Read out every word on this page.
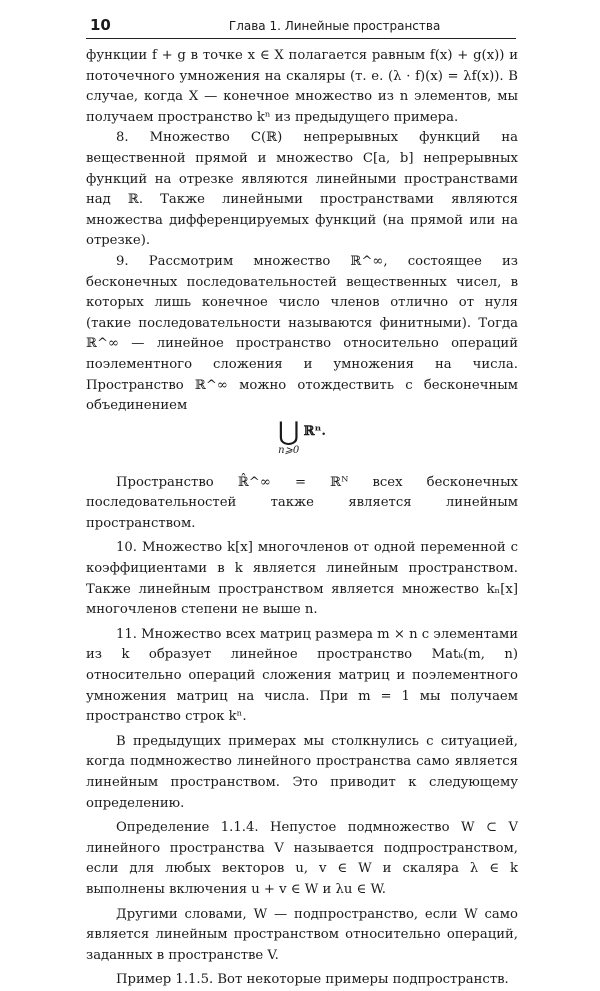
10	Глава 1. Линейные пространства

функции f + g в точке x ∈ X полагается равным f(x) + g(x)) и поточечного умножения на скаляры (т. е. (λ · f)(x) = λf(x)). В случае, когда X — конечное множество из n элементов, мы получаем пространство kⁿ из предыдущего примера.

8. Множество C(ℝ) непрерывных функций на вещественной прямой и множество C[a, b] непрерывных функций на отрезке являются линейными пространствами над ℝ. Также линейными пространствами являются множества дифференцируемых функций (на прямой или на отрезке).

9. Рассмотрим множество ℝ^∞, состоящее из бесконечных последовательностей вещественных чисел, в которых лишь конечное число членов отлично от нуля (такие последовательности называются финитными). Тогда ℝ^∞ — линейное пространство относительно операций поэлементного сложения и умножения на числа. Пространство ℝ^∞ можно отождествить с бесконечным объединением

⋃
n⩾0
ℝⁿ.

Пространство ℝ̂^∞ = ℝᴺ всех бесконечных последовательностей также является линейным пространством.

10. Множество k[x] многочленов от одной переменной с коэффициентами в k является линейным пространством. Также линейным пространством является множество kₙ[x] многочленов степени не выше n.

11. Множество всех матриц размера m × n с элементами из k образует линейное пространство Matₖ(m, n) относительно операций сложения матриц и поэлементного умножения матриц на числа. При m = 1 мы получаем пространство строк kⁿ.

В предыдущих примерах мы столкнулись с ситуацией, когда подмножество линейного пространства само является линейным пространством. Это приводит к следующему определению.

Определение 1.1.4. Непустое подмножество W ⊂ V линейного пространства V называется подпространством, если для любых векторов u, v ∈ W и скаляра λ ∈ k выполнены включения u + v ∈ W и λu ∈ W.

Другими словами, W — подпространство, если W само является линейным пространством относительно операций, заданных в пространстве V.

Пример 1.1.5. Вот некоторые примеры подпространств.
